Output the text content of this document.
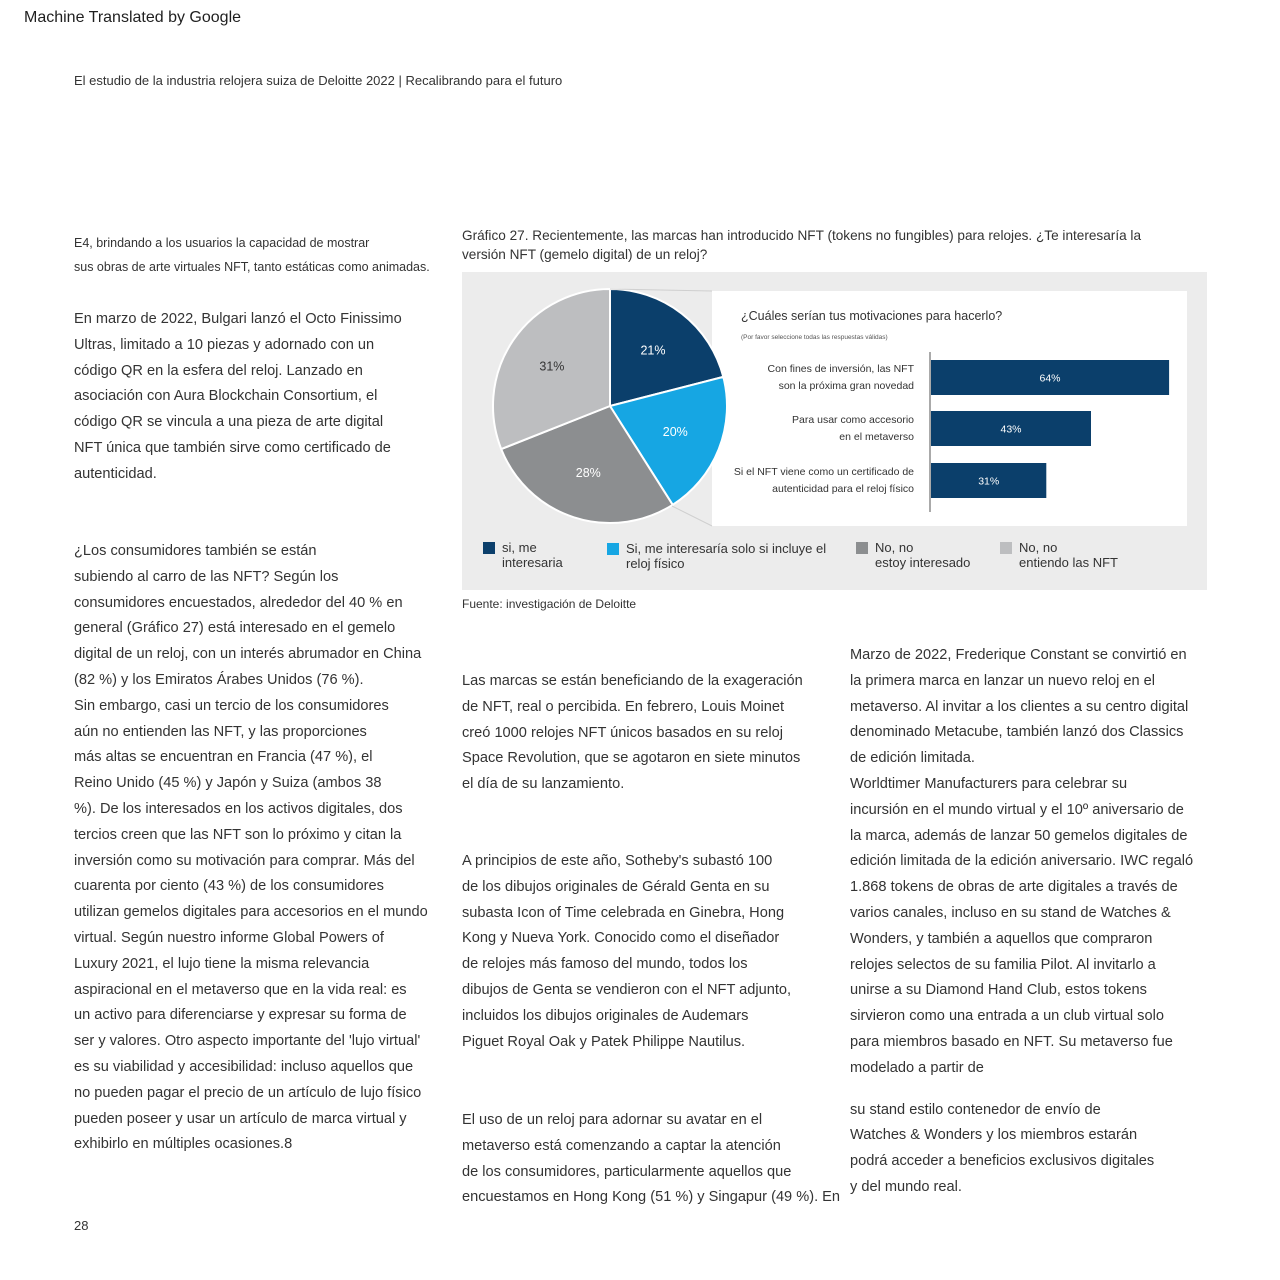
Machine Translated by Google
El estudio de la industria relojera suiza de Deloitte 2022 | Recalibrando para el futuro

E4, brindando a los usuarios la capacidad de mostrar

sus obras de arte virtuales NFT, tanto estáticas como animadas.

En marzo de 2022, Bulgari lanzó el Octo Finissimo

Ultras, limitado a 10 piezas y adornado con un

código QR en la esfera del reloj. Lanzado en

asociación con Aura Blockchain Consortium, el

código QR se vincula a una pieza de arte digital

NFT única que también sirve como certificado de

autenticidad.

¿Los consumidores también se están

subiendo al carro de las NFT? Según los

consumidores encuestados, alrededor del 40 % en

general (Gráfico 27) está interesado en el gemelo

digital de un reloj, con un interés abrumador en China

(82 %) y los Emiratos Árabes Unidos (76 %).

Sin embargo, casi un tercio de los consumidores

aún no entienden las NFT, y las proporciones

más altas se encuentran en Francia (47 %), el

Reino Unido (45 %) y Japón y Suiza (ambos 38

%). De los interesados en los activos digitales, dos

tercios creen que las NFT son lo próximo y citan la

inversión como su motivación para comprar. Más del

cuarenta por ciento (43 %) de los consumidores

utilizan gemelos digitales para accesorios en el mundo

virtual. Según nuestro informe Global Powers of

Luxury 2021, el lujo tiene la misma relevancia

aspiracional en el metaverso que en la vida real: es

un activo para diferenciarse y expresar su forma de

ser y valores. Otro aspecto importante del 'lujo virtual'

es su viabilidad y accesibilidad: incluso aquellos que

no pueden pagar el precio de un artículo de lujo físico

pueden poseer y usar un artículo de marca virtual y

exhibirlo en múltiples ocasiones.8

Gráfico 27. Recientemente, las marcas han introducido NFT (tokens no fungibles) para relojes. ¿Te interesaría la
versión NFT (gemelo digital) de un reloj?
21%
20%
28%
31%
¿Cuáles serían tus motivaciones para hacerlo?
(Por favor seleccione todas las respuestas válidas)
64%
Con fines de inversión, las NFT
son la próxima gran novedad
43%
Para usar como accesorio
en el metaverso
31%
Si el NFT viene como un certificado de
autenticidad para el reloj físico
si, me
interesaria
Si, me interesaría solo si incluye el
reloj físico
No, no
estoy interesado
No, no
entiendo las NFT
Fuente: investigación de Deloitte

Las marcas se están beneficiando de la exageración

de NFT, real o percibida. En febrero, Louis Moinet

creó 1000 relojes NFT únicos basados en su reloj

Space Revolution, que se agotaron en siete minutos

el día de su lanzamiento.

A principios de este año, Sotheby's subastó 100

de los dibujos originales de Gérald Genta en su

subasta Icon of Time celebrada en Ginebra, Hong

Kong y Nueva York. Conocido como el diseñador

de relojes más famoso del mundo, todos los

dibujos de Genta se vendieron con el NFT adjunto,

incluidos los dibujos originales de Audemars

Piguet Royal Oak y Patek Philippe Nautilus.

El uso de un reloj para adornar su avatar en el

metaverso está comenzando a captar la atención

de los consumidores, particularmente aquellos que

encuestamos en Hong Kong (51 %) y Singapur (49 %). En

Marzo de 2022, Frederique Constant se convirtió en

la primera marca en lanzar un nuevo reloj en el

metaverso. Al invitar a los clientes a su centro digital

denominado Metacube, también lanzó dos Classics

de edición limitada.

Worldtimer Manufacturers para celebrar su

incursión en el mundo virtual y el 10º aniversario de

la marca, además de lanzar 50 gemelos digitales de

edición limitada de la edición aniversario. IWC regaló

1.868 tokens de obras de arte digitales a través de

varios canales, incluso en su stand de Watches &

Wonders, y también a aquellos que compraron

relojes selectos de su familia Pilot. Al invitarlo a

unirse a su Diamond Hand Club, estos tokens

sirvieron como una entrada a un club virtual solo

para miembros basado en NFT. Su metaverso fue

modelado a partir de

su stand estilo contenedor de envío de

Watches & Wonders y los miembros estarán

podrá acceder a beneficios exclusivos digitales

y del mundo real.

28
